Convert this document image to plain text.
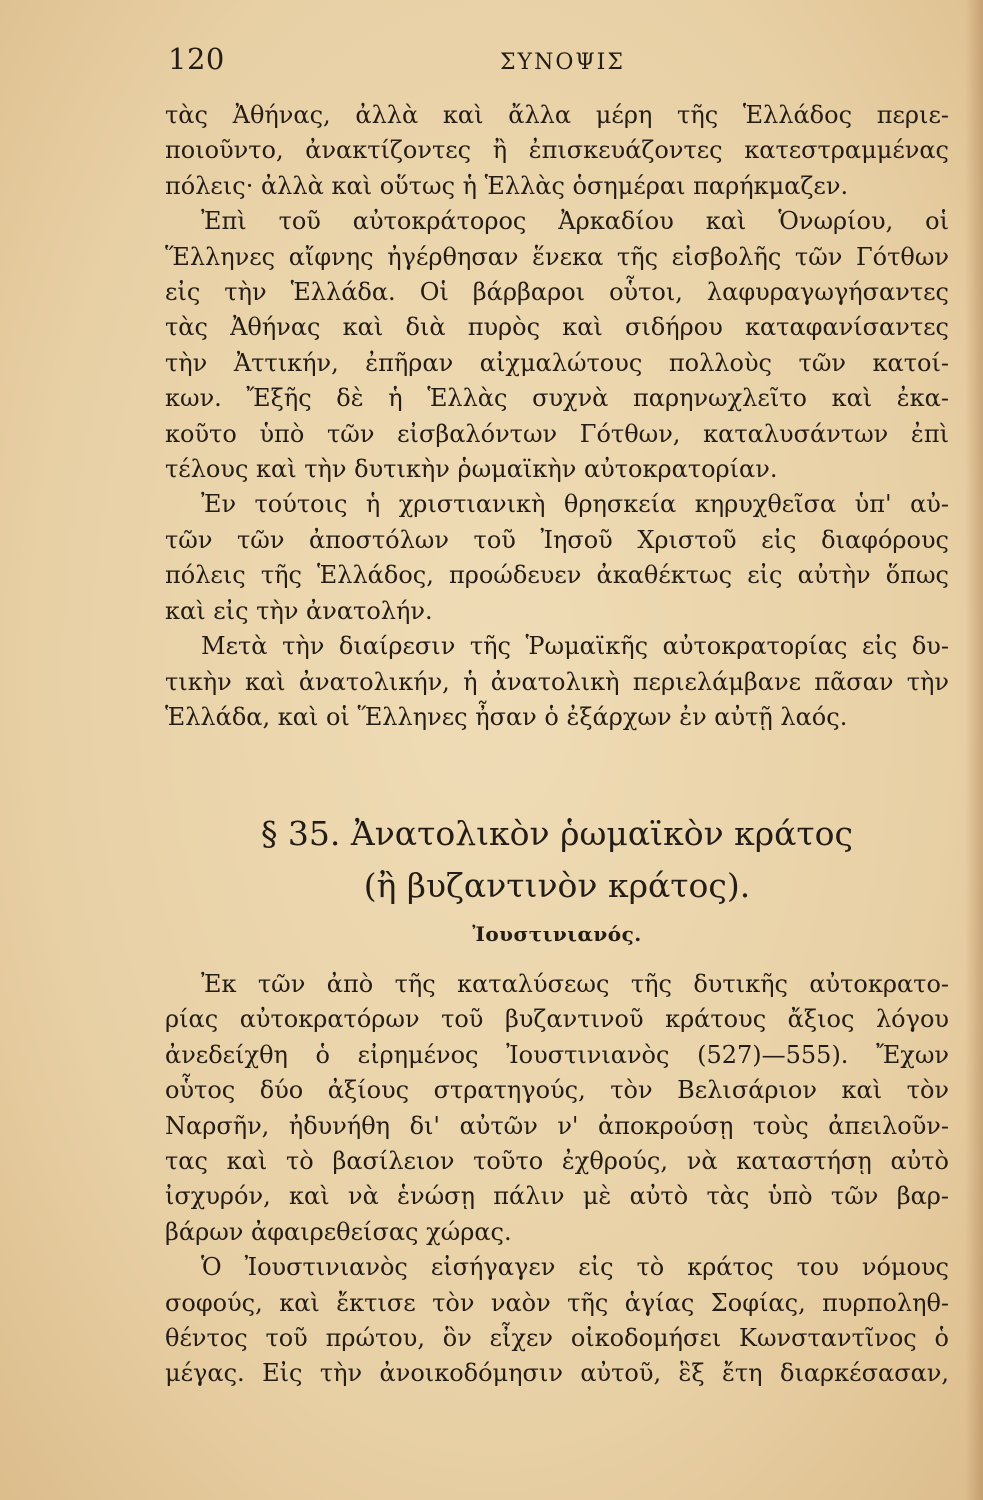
120	ΣΥΝΟΨΙΣ

τὰς Ἀθήνας, ἀλλὰ καὶ ἄλλα μέρη τῆς Ἑλλάδος περιε-
ποιοῦντο, ἀνακτίζοντες ἢ ἐπισκευάζοντες κατεστραμμένας
πόλεις· ἀλλὰ καὶ οὕτως ἡ Ἑλλὰς ὁσημέραι παρήκμαζεν.

Ἐπὶ τοῦ αὐτοκράτορος Ἀρκαδίου καὶ Ὁνωρίου, οἱ
Ἕλληνες αἴφνης ἠγέρθησαν ἕνεκα τῆς εἰσβολῆς τῶν Γότθων
εἰς τὴν Ἑλλάδα. Οἱ βάρβαροι οὗτοι, λαφυραγωγήσαντες
τὰς Ἀθήνας καὶ διὰ πυρὸς καὶ σιδήρου καταφανίσαντες
τὴν Ἀττικήν, ἐπῆραν αἰχμαλώτους πολλοὺς τῶν κατοί-
κων. Ἔξῆς δὲ ἡ Ἑλλὰς συχνὰ παρηνωχλεῖτο καὶ ἐκα-
κοῦτο ὑπὸ τῶν εἰσβαλόντων Γότθων, καταλυσάντων ἐπὶ
τέλους καὶ τὴν δυτικὴν ῥωμαϊκὴν αὐτοκρατορίαν.

Ἐν τούτοις ἡ χριστιανικὴ θρησκεία κηρυχθεῖσα ὑπ' αὐ-
τῶν τῶν ἀποστόλων τοῦ Ἰησοῦ Χριστοῦ εἰς διαφόρους
πόλεις τῆς Ἑλλάδος, προώδευεν ἀκαθέκτως εἰς αὐτὴν ὅπως
καὶ εἰς τὴν ἀνατολήν.

Μετὰ τὴν διαίρεσιν τῆς Ῥωμαϊκῆς αὐτοκρατορίας εἰς δυ-
τικὴν καὶ ἀνατολικήν, ἡ ἀνατολικὴ περιελάμβανε πᾶσαν τὴν
Ἑλλάδα, καὶ οἱ Ἕλληνες ἦσαν ὁ ἐξάρχων ἐν αὐτῇ λαός.

§ 35. Ἀνατολικὸν ῥωμαϊκὸν κράτος
(ἢ βυζαντινὸν κράτος).
Ἰουστινιανός.

Ἐκ τῶν ἀπὸ τῆς καταλύσεως τῆς δυτικῆς αὐτοκρατο-
ρίας αὐτοκρατόρων τοῦ βυζαντινοῦ κράτους ἄξιος λόγου
ἀνεδείχθη ὁ εἰρημένος Ἰουστινιανὸς (527)—555). Ἔχων
οὗτος δύο ἀξίους στρατηγούς, τὸν Βελισάριον καὶ τὸν
Ναρσῆν, ἠδυνήθη δι' αὐτῶν ν' ἀποκρούσῃ τοὺς ἀπειλοῦν-
τας καὶ τὸ βασίλειον τοῦτο ἐχθρούς, νὰ καταστήσῃ αὐτὸ
ἰσχυρόν, καὶ νὰ ἑνώσῃ πάλιν μὲ αὐτὸ τὰς ὑπὸ τῶν βαρ-
βάρων ἀφαιρεθείσας χώρας.

Ὁ Ἰουστινιανὸς εἰσήγαγεν εἰς τὸ κράτος του νόμους
σοφούς, καὶ ἔκτισε τὸν ναὸν τῆς ἁγίας Σοφίας, πυρποληθ-
θέντος τοῦ πρώτου, ὃν εἶχεν οἰκοδομήσει Κωνσταντῖνος ὁ
μέγας. Εἰς τὴν ἀνοικοδόμησιν αὐτοῦ, ἓξ ἔτη διαρκέσασαν,
